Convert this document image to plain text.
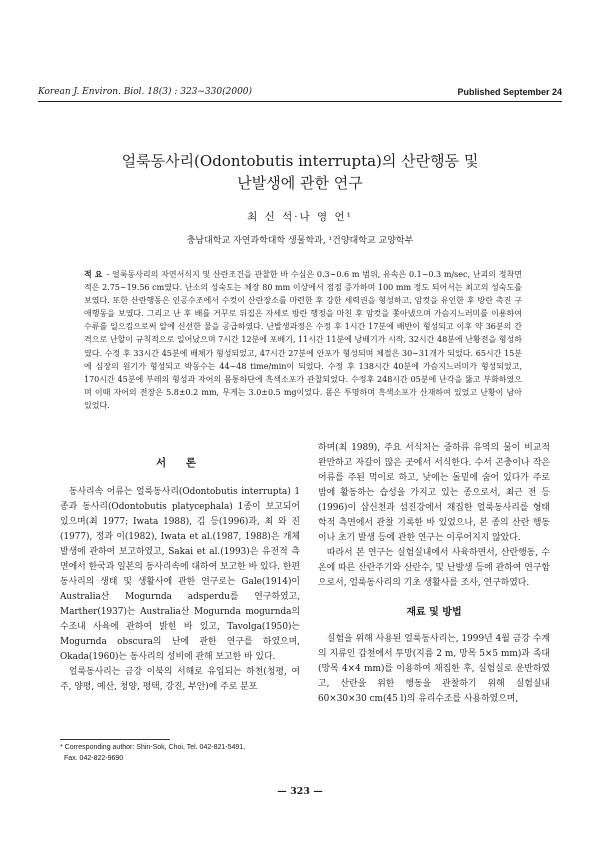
Korean J. Environ. Biol. 18(3) : 323∼330(2000)	Published September 24
얼룩동사리(Odontobutis interrupta)의 산란행동 및
난발생에 관한 연구
최 신 석·나 영 언¹
충남대학교 자연과학대학 생물학과, ¹건양대학교 교양학부
적 요 - 얼룩동사리의 자연서식지 및 산란조건을 관찰한 바 수심은 0.3∼0.6 m 범위, 유속은 0.1∼0.3 m/sec, 난괴의 정착면적은 2.75∼19.56 cm였다. 난소의 성숙도는 체장 80 mm 이상에서 점점 증가하며 100 mm 정도 되어서는 최고의 성숙도를 보였다. 또한 산란행동은 인공수조에서 수컷이 산란장소를 마련한 후 강한 세력권을 형성하고, 암컷을 유인한 후 방란 촉진 구애행동을 보였다. 그리고 난 후 배를 거꾸로 뒤집은 자세로 방란 행정을 마친 후 암컷을 쫓아냈으며 가슴지느러미를 이용하여 수류를 일으킴으로써 알에 신선한 물을 공급하였다. 난발생과정은 수정 후 1시간 17분에 배반이 형성되고 이후 약 36분의 간격으로 난할이 규칙적으로 일어났으며 7시간 12분에 포배기, 11시간 11분에 낭배기가 시작, 32시간 48분에 난황전을 형성하였다. 수정 후 33시간 45분에 배체가 형성되었고, 47시간 27분에 안포가 형성되며 체절은 30∼31개가 되었다. 65시간 15분에 심장의 원기가 형성되고 박동수는 44∼48 time/min이 되었다. 수정 후 138시간 40분에 가슴지느러미가 형성되었고, 170시간 45분에 부레의 형성과 자어의 몸통하단에 흑색소포가 관찰되었다. 수정후 248시간 05분에 난각을 뚫고 부화하였으며 이때 자어의 전장은 5.8±0.2 mm, 무게는 3.0±0.5 mg이었다. 몸은 투명하며 흑색소포가 산재하여 있었고 난황이 남아 있었다.
서 론

동사리속 어류는 얼룩동사리(Odontobutis interrupta) 1종과 동사리(Odontobutis platycephala) 1종이 보고되어 있으며(최 1977; Iwata 1988), 김 등(1996)과, 최 와 진(1977), 정과 이(1982), Iwata et al.(1987, 1988)은 개체 발생에 관하여 보고하였고, Sakai et al.(1993)은 유전적 측면에서 한국과 일본의 동사리속에 대하여 보고한 바 있다. 한편 동사리의 생태 및 생활사에 관한 연구로는 Gale(1914)이 Australia산 Mogurnda adsperdu를 연구하였고, Marther(1937)는 Australia산 Mogurnda mogurnda의 수조내 사육에 관하여 밝힌 바 있고, Tavolga(1950)는 Mogurnda obscura의 난에 관한 연구를 하였으며, Okada(1960)는 동사리의 성비에 관해 보고한 바 있다.

얼룩동사리는 금강 이북의 서해로 유입되는 하천(청평, 여주, 양평, 예산, 청양, 평택, 강진, 부안)에 주로 분포

하며(최 1989), 주요 서식처는 중하류 유역의 물이 비교적 완만하고 자갈이 많은 곳에서 서식한다. 수서 곤충이나 작은 어류를 주된 먹이로 하고, 낮에는 돌밑에 숨어 있다가 주로 밤에 활동하는 습성을 가지고 있는 종으로서, 최근 전 등(1996)이 삽신천과 섬진강에서 채집한 얼룩동사리를 형태학적 측면에서 관찰 기록한 바 있었으나, 본 종의 산란 행동이나 초기 발생 등에 관한 연구는 이루어지지 않았다.

따라서 본 연구는 실험실내에서 사육하면서, 산란행동, 수온에 따른 산란주기와 산란수, 및 난발생 등에 관하여 연구함으로서, 얼룩동사리의 기초 생활사를 조사, 연구하였다.

재료 및 방법

실험을 위해 사용된 얼룩동사리는, 1999년 4월 금강 수계의 지류인 갑천에서 투망(지름 2 m, 망목 5×5 mm)과 족대(망목 4×4 mm)를 이용하여 채집한 후, 실험실로 운반하였고, 산란을 위한 행동을 관찰하기 위해 실험실내 60×30×30 cm(45 l)의 유리수조를 사용하였으며,

* Corresponding author: Shin-Sok, Choi, Tel. 042-821-5491,
Fax. 042-822-9690
— 323 —
